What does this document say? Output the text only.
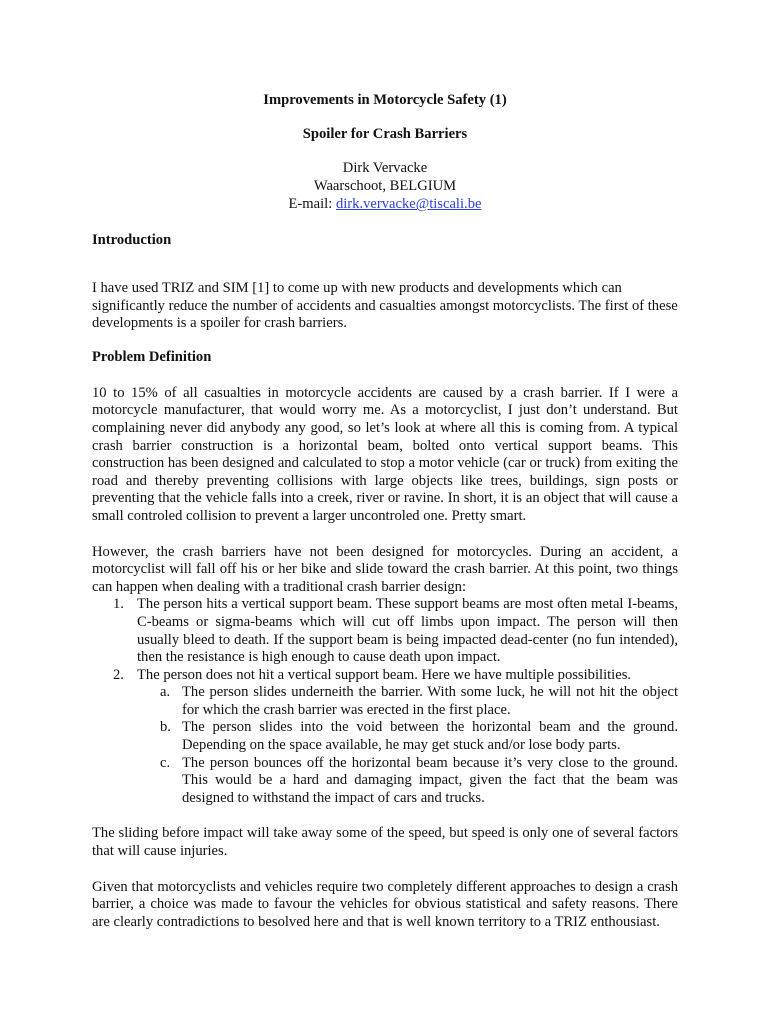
Improvements in Motorcycle Safety (1)
Spoiler for Crash Barriers
Dirk Vervacke
Waarschoot, BELGIUM
E-mail: dirk.vervacke@tiscali.be
Introduction

I have used TRIZ and SIM [1] to come up with new products and developments which can significantly reduce the number of accidents and casualties amongst motorcyclists. The first of these developments is a spoiler for crash barriers.

Problem Definition

10 to 15% of all casualties in motorcycle accidents are caused by a crash barrier. If I were a motorcycle manufacturer, that would worry me. As a motorcyclist, I just don’t understand. But complaining never did anybody any good, so let’s look at where all this is coming from. A typical crash barrier construction is a horizontal beam, bolted onto vertical support beams. This construction has been designed and calculated to stop a motor vehicle (car or truck) from exiting the road and thereby preventing collisions with large objects like trees, buildings, sign posts or preventing that the vehicle falls into a creek, river or ravine. In short, it is an object that will cause a small controled collision to prevent a larger uncontroled one. Pretty smart.

However, the crash barriers have not been designed for motorcycles. During an accident, a motorcyclist will fall off his or her bike and slide toward the crash barrier. At this point, two things can happen when dealing with a traditional crash barrier design:

1. The person hits a vertical support beam. These support beams are most often metal I-beams, C-beams or sigma-beams which will cut off limbs upon impact. The person will then usually bleed to death. If the support beam is being impacted dead-center (no fun intended), then the resistance is high enough to cause death upon impact.
2. The person does not hit a vertical support beam. Here we have multiple possibilities.
a. The person slides underneith the barrier. With some luck, he will not hit the object for which the crash barrier was erected in the first place.
b. The person slides into the void between the horizontal beam and the ground. Depending on the space available, he may get stuck and/or lose body parts.
c. The person bounces off the horizontal beam because it’s very close to the ground. This would be a hard and damaging impact, given the fact that the beam was designed to withstand the impact of cars and trucks.

The sliding before impact will take away some of the speed, but speed is only one of several factors that will cause injuries.

Given that motorcyclists and vehicles require two completely different approaches to design a crash barrier, a choice was made to favour the vehicles for obvious statistical and safety reasons. There are clearly contradictions to besolved here and that is well known territory to a TRIZ enthousiast.
